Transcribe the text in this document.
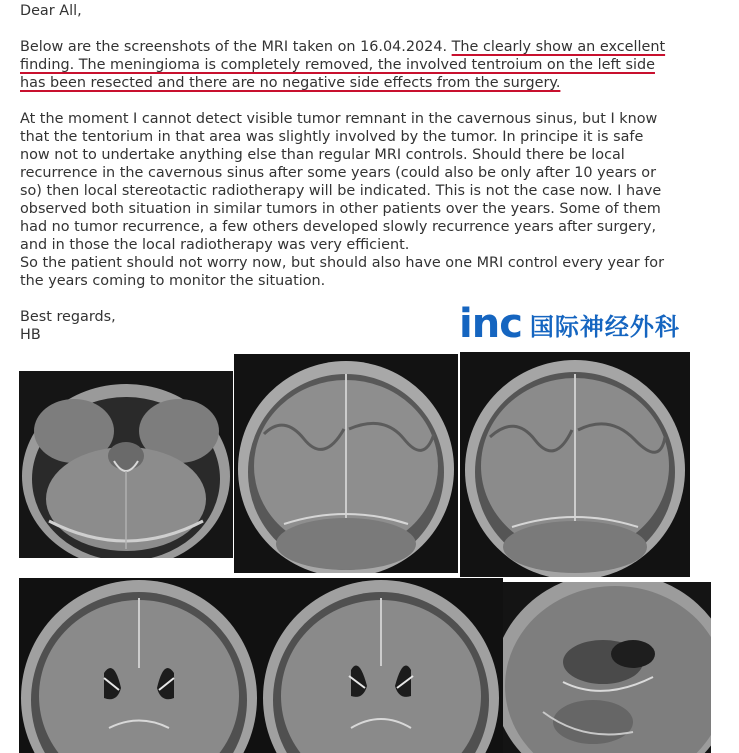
Dear All,

Below are the screenshots of the MRI taken on 16.04.2024. The clearly show an excellent

finding. The meningioma is completely removed, the involved tentroium on the left side

has been resected and there are no negative side effects from the surgery.

At the moment I cannot detect visible tumor remnant in the cavernous sinus, but I know

that the tentorium in that area was slightly involved by the tumor. In principe it is safe

now not to undertake anything else than regular MRI controls. Should there be local

recurrence in the cavernous sinus after some years (could also be only after 10 years or

so) then local stereotactic radiotherapy will be indicated. This is not the case now. I have

observed both situation in similar tumors in other patients over the years. Some of them

had no tumor recurrence, a few others developed slowly recurrence years after surgery,

and in those the local radiotherapy was very efficient.

So the patient should not worry now, but should also have one MRI control every year for

the years coming to monitor the situation.

Best regards,

HB	inc 国际神经外科
